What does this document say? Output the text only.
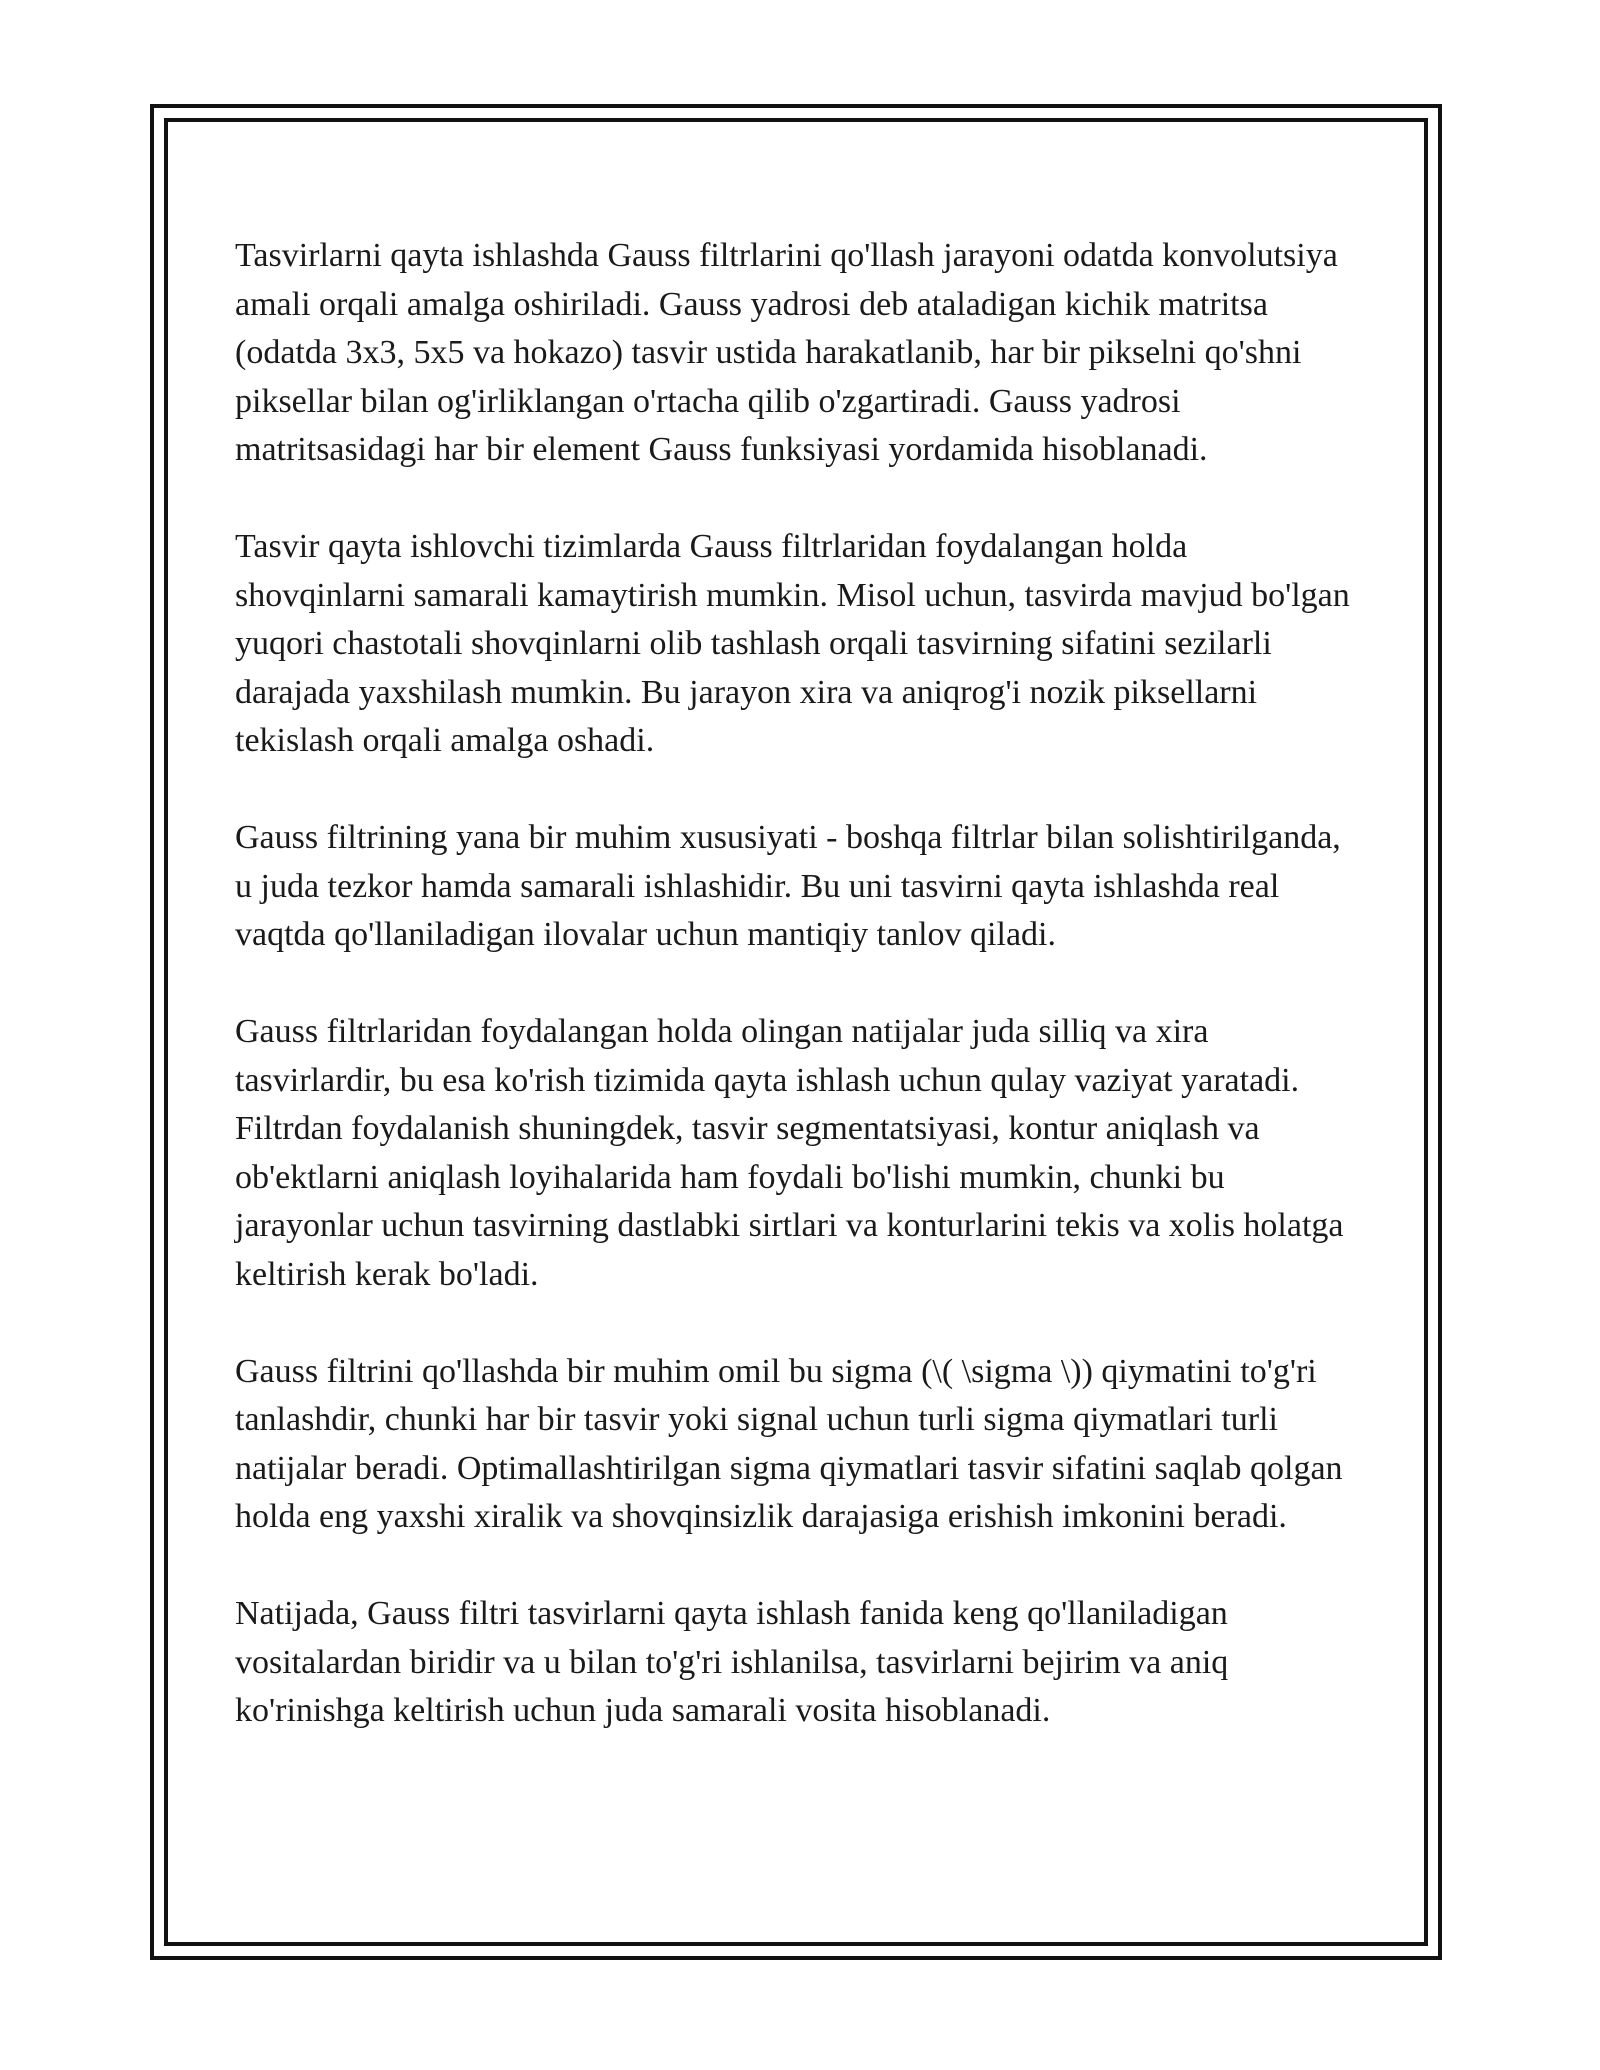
Tasvirlarni qayta ishlashda Gauss filtrlarini qo'llash jarayoni odatda konvolutsiya amali orqali amalga oshiriladi. Gauss yadrosi deb ataladigan kichik matritsa (odatda 3x3, 5x5 va hokazo) tasvir ustida harakatlanib, har bir pikselni qo'shni piksellar bilan og'irliklangan o'rtacha qilib o'zgartiradi. Gauss yadrosi matritsasidagi har bir element Gauss funksiyasi yordamida hisoblanadi.

Tasvir qayta ishlovchi tizimlarda Gauss filtrlaridan foydalangan holda shovqinlarni samarali kamaytirish mumkin. Misol uchun, tasvirda mavjud bo'lgan yuqori chastotali shovqinlarni olib tashlash orqali tasvirning sifatini sezilarli darajada yaxshilash mumkin. Bu jarayon xira va aniqrog'i nozik piksellarni tekislash orqali amalga oshadi.

Gauss filtrining yana bir muhim xususiyati - boshqa filtrlar bilan solishtirilganda, u juda tezkor hamda samarali ishlashidir. Bu uni tasvirni qayta ishlashda real vaqtda qo'llaniladigan ilovalar uchun mantiqiy tanlov qiladi.

Gauss filtrlaridan foydalangan holda olingan natijalar juda silliq va xira tasvirlardir, bu esa ko'rish tizimida qayta ishlash uchun qulay vaziyat yaratadi. Filtrdan foydalanish shuningdek, tasvir segmentatsiyasi, kontur aniqlash va ob'ektlarni aniqlash loyihalarida ham foydali bo'lishi mumkin, chunki bu jarayonlar uchun tasvirning dastlabki sirtlari va konturlarini tekis va xolis holatga keltirish kerak bo'ladi.

Gauss filtrini qo'llashda bir muhim omil bu sigma (\( \sigma \)) qiymatini to'g'ri tanlashdir, chunki har bir tasvir yoki signal uchun turli sigma qiymatlari turli natijalar beradi. Optimallashtirilgan sigma qiymatlari tasvir sifatini saqlab qolgan holda eng yaxshi xiralik va shovqinsizlik darajasiga erishish imkonini beradi.

Natijada, Gauss filtri tasvirlarni qayta ishlash fanida keng qo'llaniladigan vositalardan biridir va u bilan to'g'ri ishlanilsa, tasvirlarni bejirim va aniq ko'rinishga keltirish uchun juda samarali vosita hisoblanadi.
